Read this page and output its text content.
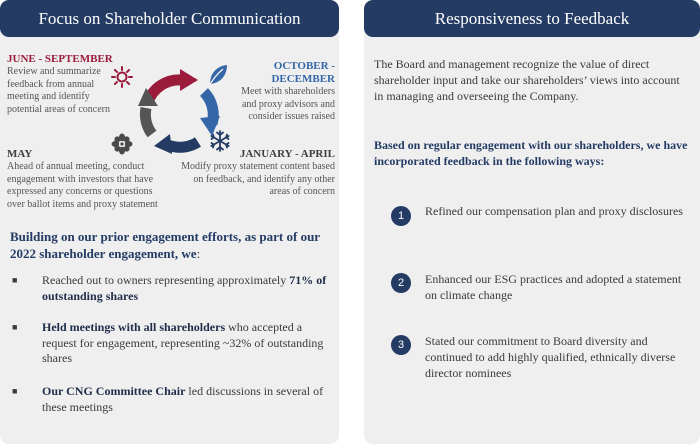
Focus on Shareholder Communication
JUNE - SEPTEMBER
Review and summarize feedback from annual meeting and identify potential areas of concern
OCTOBER - DECEMBER
Meet with shareholders and proxy advisors and consider issues raised
MAY
Ahead of annual meeting, conduct engagement with investors that have expressed any concerns or questions over ballot items and proxy statement
JANUARY - APRIL
Modify proxy statement content based on feedback, and identify any other areas of concern
Building on our prior engagement efforts, as part of our 2022 shareholder engagement, we:
■ Reached out to owners representing approximately 71% of outstanding shares
■ Held meetings with all shareholders who accepted a request for engagement, representing ~32% of outstanding shares
■ Our CNG Committee Chair led discussions in several of these meetings
Responsiveness to Feedback
The Board and management recognize the value of direct shareholder input and take our shareholders’ views into account in managing and overseeing the Company.
Based on regular engagement with our shareholders, we have incorporated feedback in the following ways:
1	Refined our compensation plan and proxy disclosures
2	Enhanced our ESG practices and adopted a statement on climate change
3	Stated our commitment to Board diversity and continued to add highly qualified, ethnically diverse director nominees
